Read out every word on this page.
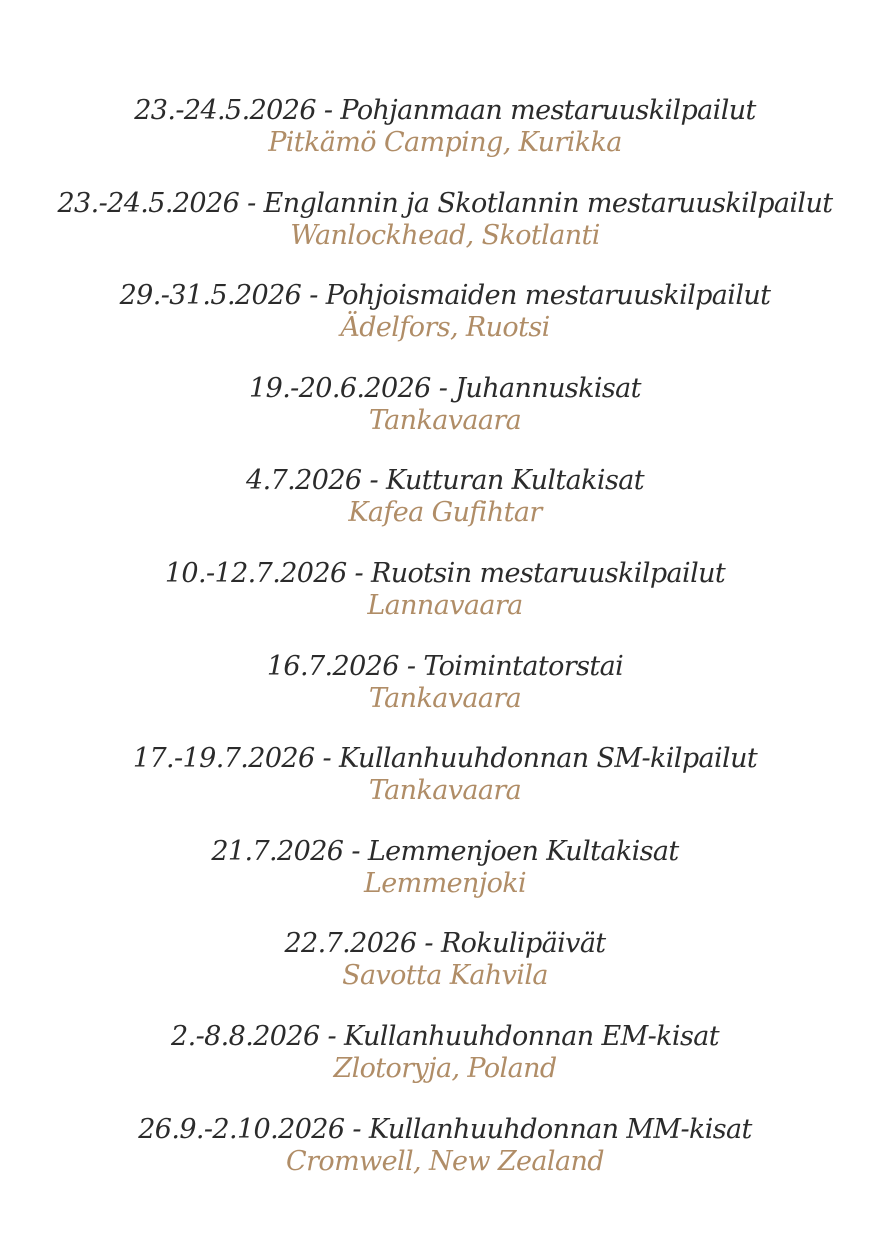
23.-24.5.2026 - Pohjanmaan mestaruuskilpailut
Pitkämö Camping, Kurikka
23.-24.5.2026 - Englannin ja Skotlannin mestaruuskilpailut
Wanlockhead, Skotlanti
29.-31.5.2026 - Pohjoismaiden mestaruuskilpailut
Ädelfors, Ruotsi
19.-20.6.2026 - Juhannuskisat
Tankavaara
4.7.2026 - Kutturan Kultakisat
Kafea Gufihtar
10.-12.7.2026 - Ruotsin mestaruuskilpailut
Lannavaara
16.7.2026 - Toimintatorstai
Tankavaara
17.-19.7.2026 - Kullanhuuhdonnan SM-kilpailut
Tankavaara
21.7.2026 - Lemmenjoen Kultakisat
Lemmenjoki
22.7.2026 - Rokulipäivät
Savotta Kahvila
2.-8.8.2026 - Kullanhuuhdonnan EM-kisat
Zlotoryja, Poland
26.9.-2.10.2026 - Kullanhuuhdonnan MM-kisat
Cromwell, New Zealand
